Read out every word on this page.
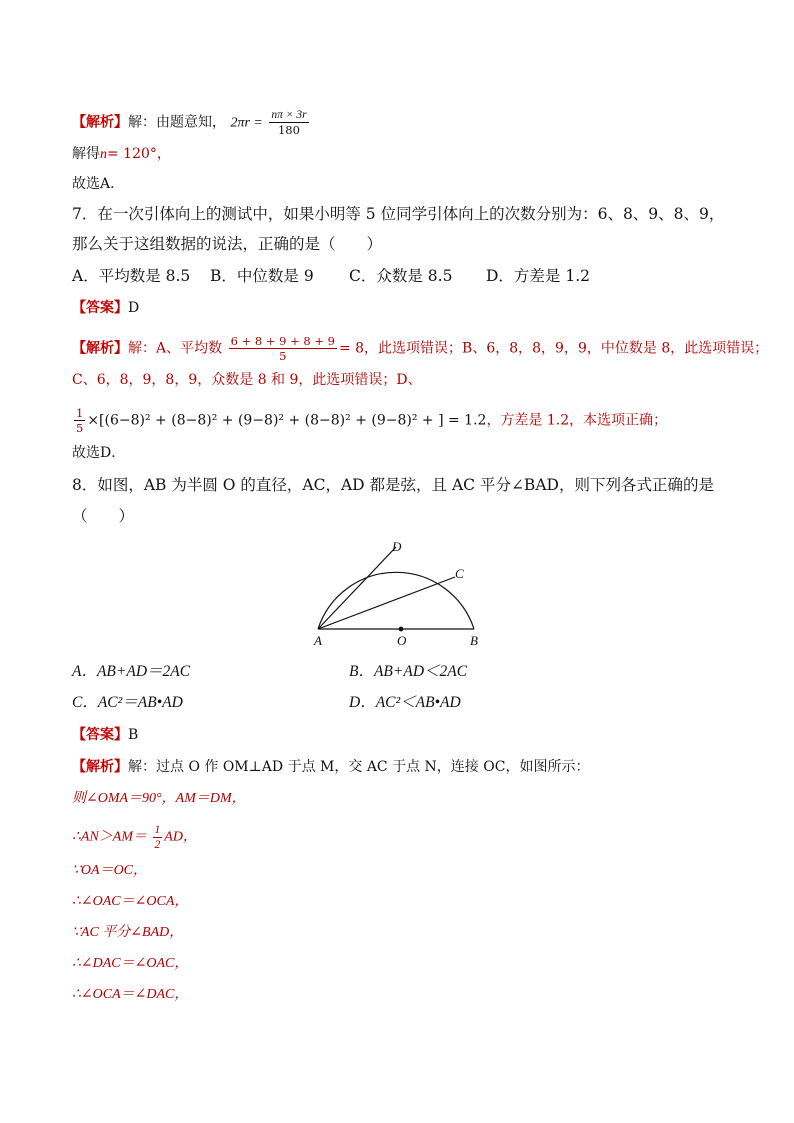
【解析】解：由题意知， $2\pi r = \frac{n\pi \times 3r}{180}$
解得n= 120°，
故选A．
7．在一次引体向上的测试中，如果小明等 5 位同学引体向上的次数分别为：6、8、9、8、9，
那么关于这组数据的说法，正确的是（　　）
A．平均数是 8.5 B．中位数是 9 C．众数是 8.5 D．方差是 1.2
【答案】D
【解析】解：A、平均数 $\frac{6 + 8 + 9 + 8 + 9}{5} = 8$，此选项错误；B、6，8，8，9，9，中位数是 8，此选项错误；
C、6，8，9，8，9，众数是 8 和 9，此选项错误；D、
$\frac{1}{5} \times[(6-8)^2 + (8-8)^2 + (9-8)^2 + (8-8)^2 + (9-8)^2$ + ] = 1.2，方差是 1.2，本选项正确；
故选D．
8．如图，AB 为半圆 O 的直径，AC，AD 都是弦，且 AC 平分∠BAD，则下列各式正确的是
（　　）
A	B
O
D
C
A．AB+AD＝2AC	B．AB+AD＜2AC
C．AC²＝AB•AD	D．AC²＜AB•AD
【答案】B
【解析】解：过点 O 作 OM⊥AD 于点 M，交 AC 于点 N，连接 OC，如图所示：
则∠OMA＝90°，AM＝DM，
∴AN＞AM＝ $\frac{1}{2}$ AD，
∵OA＝OC，
∴∠OAC＝∠OCA，
∵AC 平分∠BAD，
∴∠DAC＝∠OAC，
∴∠OCA＝∠DAC，
